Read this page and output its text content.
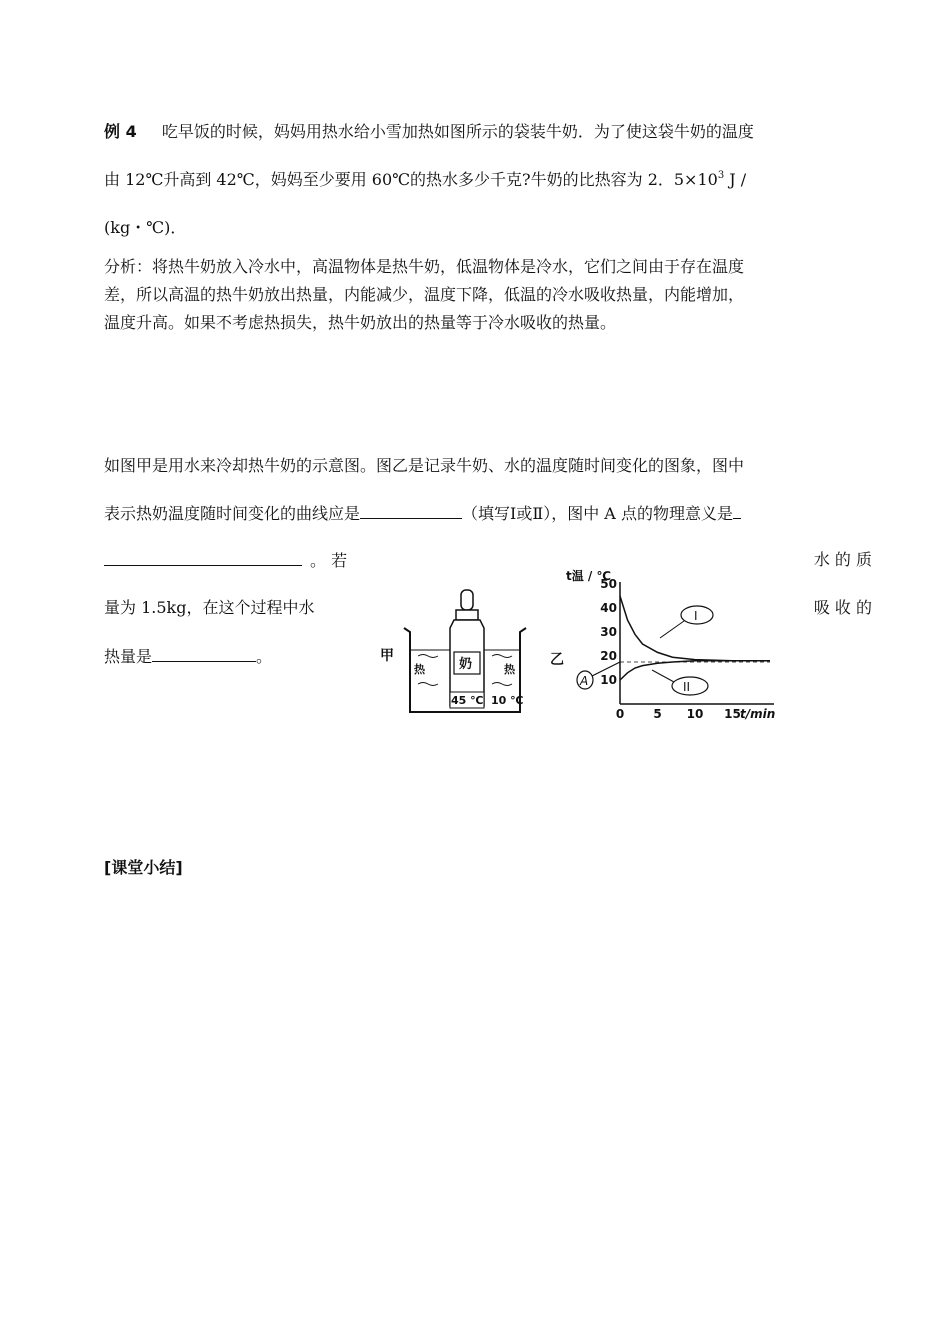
例 4 吃早饭的时候，妈妈用热水给小雪加热如图所示的袋装牛奶．为了使这袋牛奶的温度
由 12℃升高到 42℃，妈妈至少要用 60℃的热水多少千克?牛奶的比热容为 2．$5\times 10^3$ J /
(kg・℃)．
分析：将热牛奶放入冷水中，高温物体是热牛奶，低温物体是冷水，它们之间由于存在温度
差，所以高温的热牛奶放出热量，内能减少，温度下降，低温的冷水吸收热量，内能增加，
温度升高。如果不考虑热损失，热牛奶放出的热量等于冷水吸收的热量。
如图甲是用水来冷却热牛奶的示意图。图乙是记录牛奶、水的温度随时间变化的图象，图中
表示热奶温度随时间变化的曲线应是	（填写Ⅰ或Ⅱ），图中 A 点的物理意义是
。 若	水 的 质
量为 1.5kg，在这个过程中水	吸 收 的
热量是	。	甲
奶
热	热
45 ℃ 10 ℃
乙
t温 / ℃
t/min
10
20
30
40
50
0 5 10 15
I
II
A
[课堂小结]
